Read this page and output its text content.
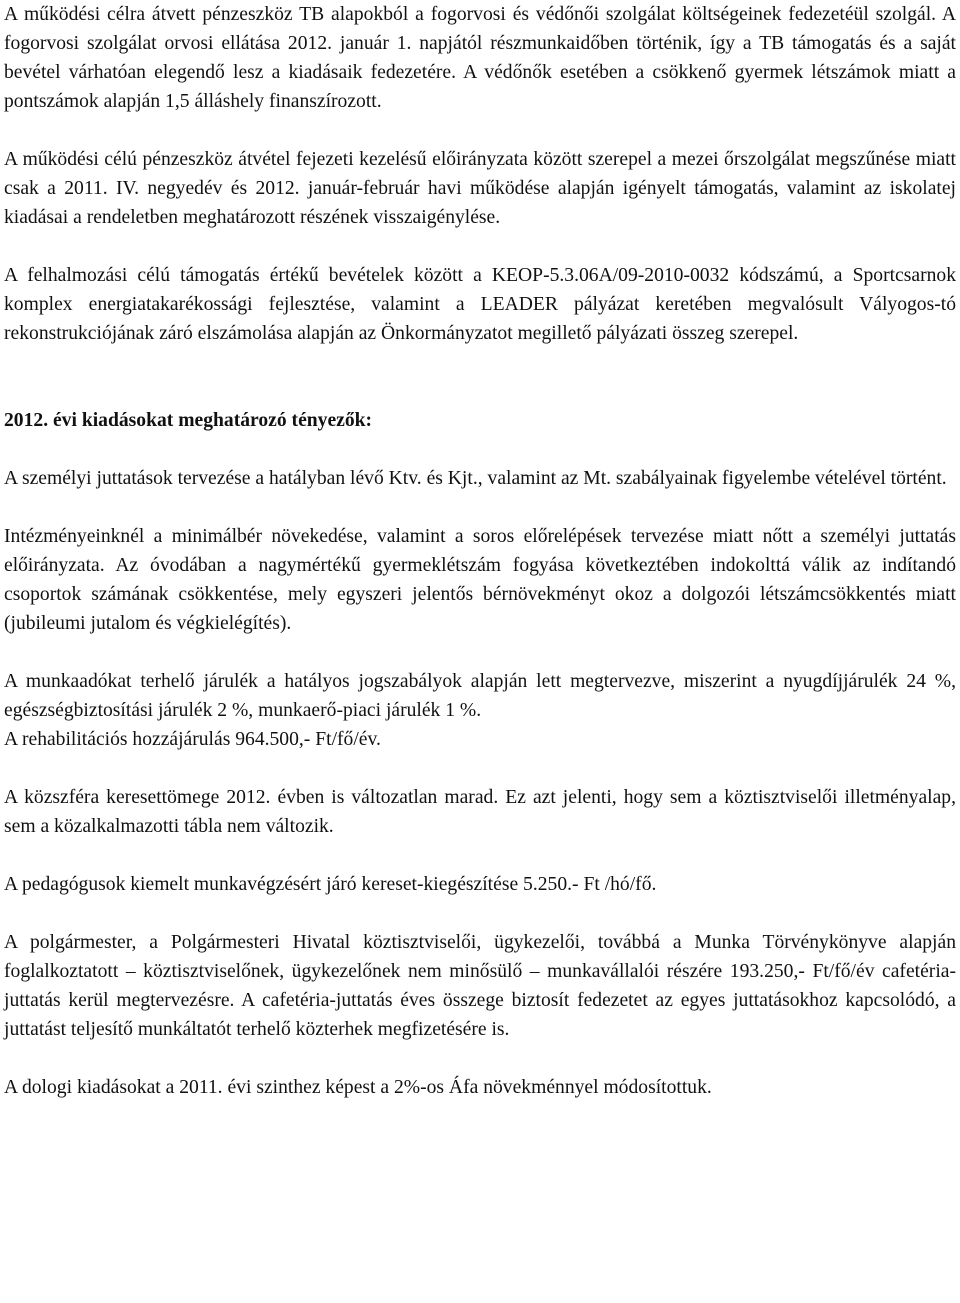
A működési célra átvett pénzeszköz TB alapokból a fogorvosi és védőnői szolgálat költségeinek fedezetéül szolgál. A fogorvosi szolgálat orvosi ellátása 2012. január 1. napjától részmunkaidőben történik, így a TB támogatás és a saját bevétel várhatóan elegendő lesz a kiadásaik fedezetére. A védőnők esetében a csökkenő gyermek létszámok miatt a pontszámok alapján 1,5 álláshely finanszírozott.

A működési célú pénzeszköz átvétel fejezeti kezelésű előirányzata között szerepel a mezei őrszolgálat megszűnése miatt csak a 2011. IV. negyedév és 2012. január-február havi működése alapján igényelt támogatás, valamint az iskolatej kiadásai a rendeletben meghatározott részének visszaigénylése.

A felhalmozási célú támogatás értékű bevételek között a KEOP-5.3.06A/09-2010-0032 kódszámú, a Sportcsarnok komplex energiatakarékossági fejlesztése, valamint a LEADER pályázat keretében megvalósult Vályogos-tó rekonstrukciójának záró elszámolása alapján az Önkormányzatot megillető pályázati összeg szerepel.

2012. évi kiadásokat meghatározó tényezők:

A személyi juttatások tervezése a hatályban lévő Ktv. és Kjt., valamint az Mt. szabályainak figyelembe vételével történt.

Intézményeinknél a minimálbér növekedése, valamint a soros előrelépések tervezése miatt nőtt a személyi juttatás előirányzata. Az óvodában a nagymértékű gyermeklétszám fogyása következtében indokolttá válik az indítandó csoportok számának csökkentése, mely egyszeri jelentős bérnövekményt okoz a dolgozói létszámcsökkentés miatt (jubileumi jutalom és végkielégítés).

A munkaadókat terhelő járulék a hatályos jogszabályok alapján lett megtervezve, miszerint a nyugdíjjárulék 24 %, egészségbiztosítási járulék 2 %, munkaerő-piaci járulék 1 %.

A rehabilitációs hozzájárulás 964.500,- Ft/fő/év.

A közszféra keresettömege 2012. évben is változatlan marad. Ez azt jelenti, hogy sem a köztisztviselői illetményalap, sem a közalkalmazotti tábla nem változik.

A pedagógusok kiemelt munkavégzésért járó kereset-kiegészítése 5.250.- Ft /hó/fő.

A polgármester, a Polgármesteri Hivatal köztisztviselői, ügykezelői, továbbá a Munka Törvénykönyve alapján foglalkoztatott – köztisztviselőnek, ügykezelőnek nem minősülő – munkavállalói részére 193.250,- Ft/fő/év cafetéria-juttatás kerül megtervezésre. A cafetéria-juttatás éves összege biztosít fedezetet az egyes juttatásokhoz kapcsolódó, a juttatást teljesítő munkáltatót terhelő közterhek megfizetésére is.

A dologi kiadásokat a 2011. évi szinthez képest a 2%-os Áfa növekménnyel módosítottuk.
